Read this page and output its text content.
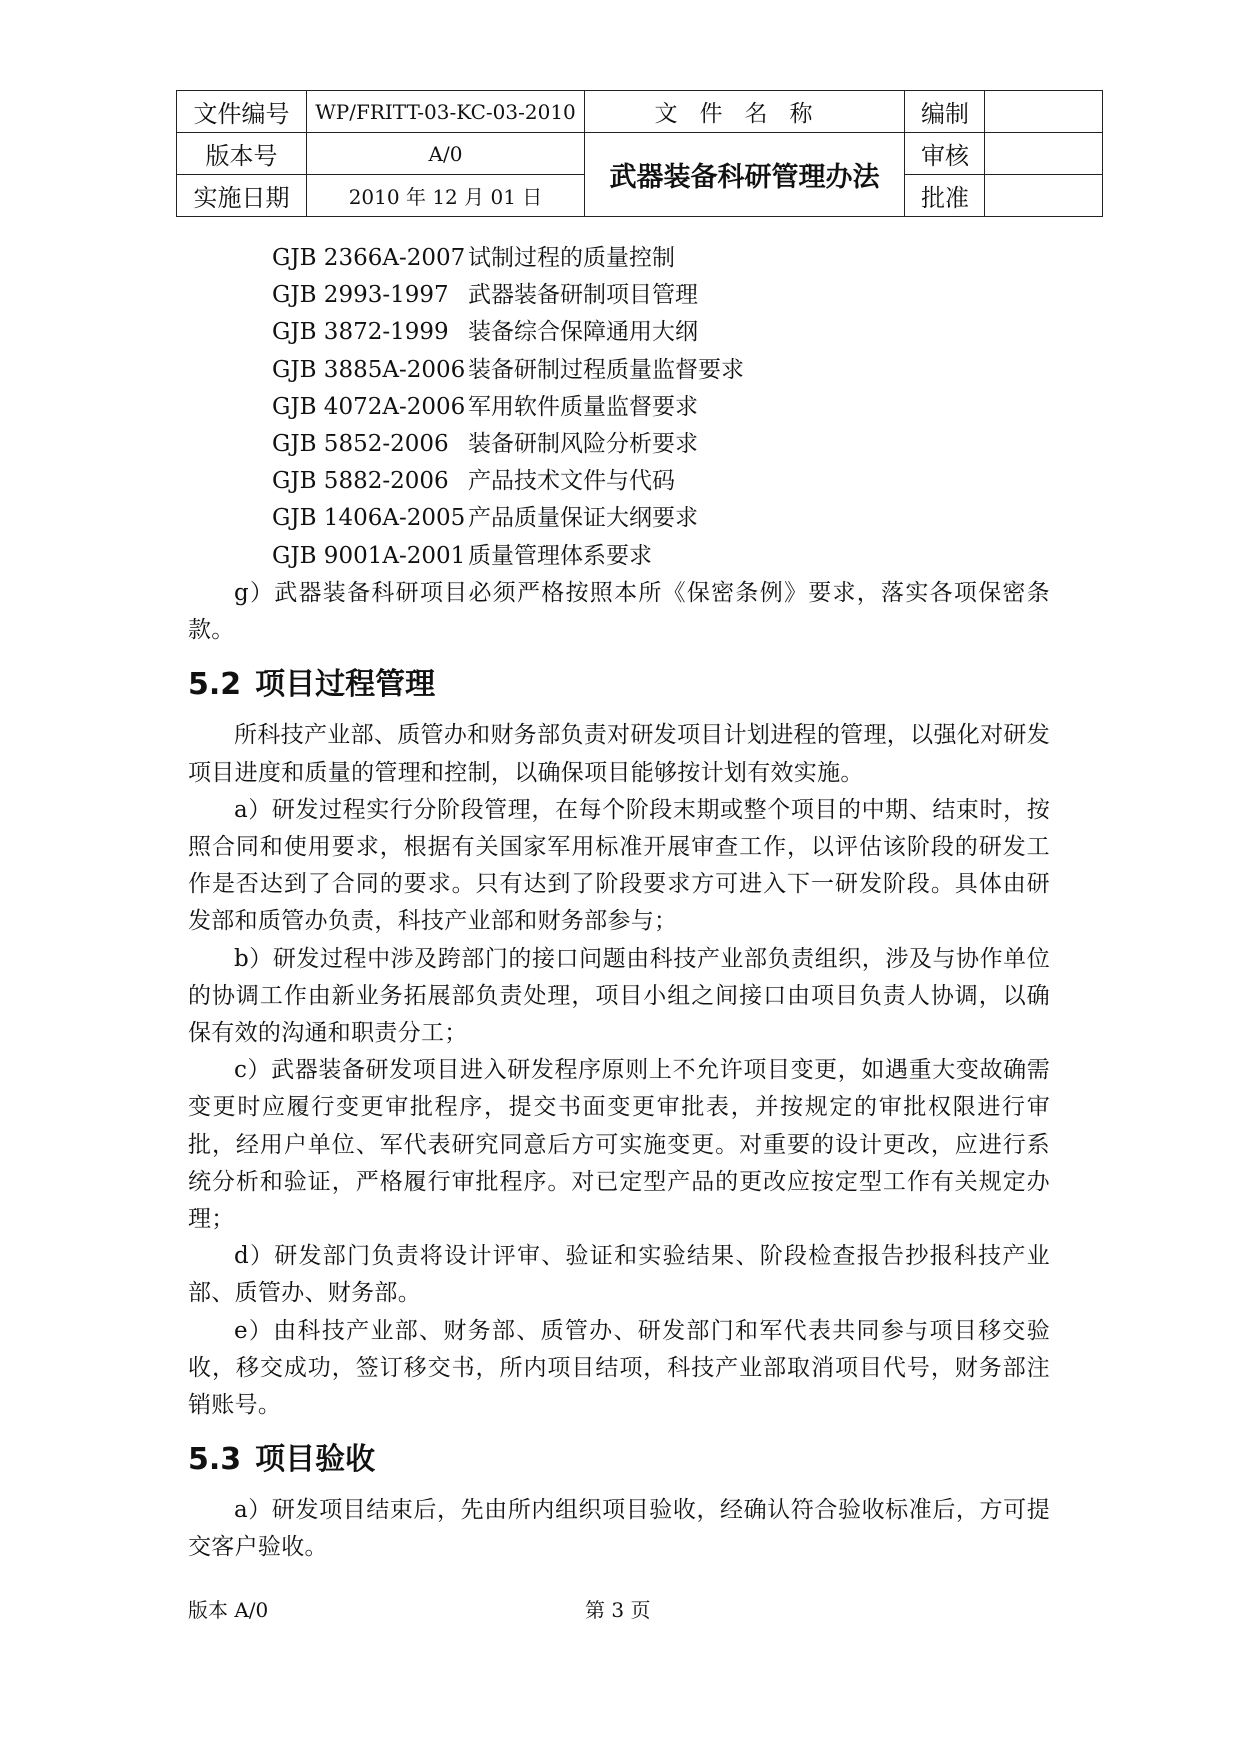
文件编号	WP/FRITT-03-KC-03-2010	文件名称	编制	
版本号	A/0	武器装备科研管理办法	审核	
实施日期	2010 年 12 月 01 日		批准	
GJB 2366A-2007 试制过程的质量控制
GJB 2993-1997 武器装备研制项目管理
GJB 3872-1999 装备综合保障通用大纲
GJB 3885A-2006 装备研制过程质量监督要求
GJB 4072A-2006 军用软件质量监督要求
GJB 5852-2006 装备研制风险分析要求
GJB 5882-2006 产品技术文件与代码
GJB 1406A-2005 产品质量保证大纲要求
GJB 9001A-2001 质量管理体系要求

g）武器装备科研项目必须严格按照本所《保密条例》要求，落实各项保密条款。

5.2 项目过程管理

所科技产业部、质管办和财务部负责对研发项目计划进程的管理，以强化对研发项目进度和质量的管理和控制，以确保项目能够按计划有效实施。

a）研发过程实行分阶段管理，在每个阶段末期或整个项目的中期、结束时，按照合同和使用要求，根据有关国家军用标准开展审查工作，以评估该阶段的研发工作是否达到了合同的要求。只有达到了阶段要求方可进入下一研发阶段。具体由研发部和质管办负责，科技产业部和财务部参与；

b）研发过程中涉及跨部门的接口问题由科技产业部负责组织，涉及与协作单位的协调工作由新业务拓展部负责处理，项目小组之间接口由项目负责人协调，以确保有效的沟通和职责分工；

c）武器装备研发项目进入研发程序原则上不允许项目变更，如遇重大变故确需变更时应履行变更审批程序，提交书面变更审批表，并按规定的审批权限进行审批，经用户单位、军代表研究同意后方可实施变更。对重要的设计更改，应进行系统分析和验证，严格履行审批程序。对已定型产品的更改应按定型工作有关规定办理；

d）研发部门负责将设计评审、验证和实验结果、阶段检查报告抄报科技产业部、质管办、财务部。

e）由科技产业部、财务部、质管办、研发部门和军代表共同参与项目移交验收，移交成功，签订移交书，所内项目结项，科技产业部取消项目代号，财务部注销账号。

5.3 项目验收

a）研发项目结束后，先由所内组织项目验收，经确认符合验收标准后，方可提交客户验收。

版本 A/0	第 3 页
